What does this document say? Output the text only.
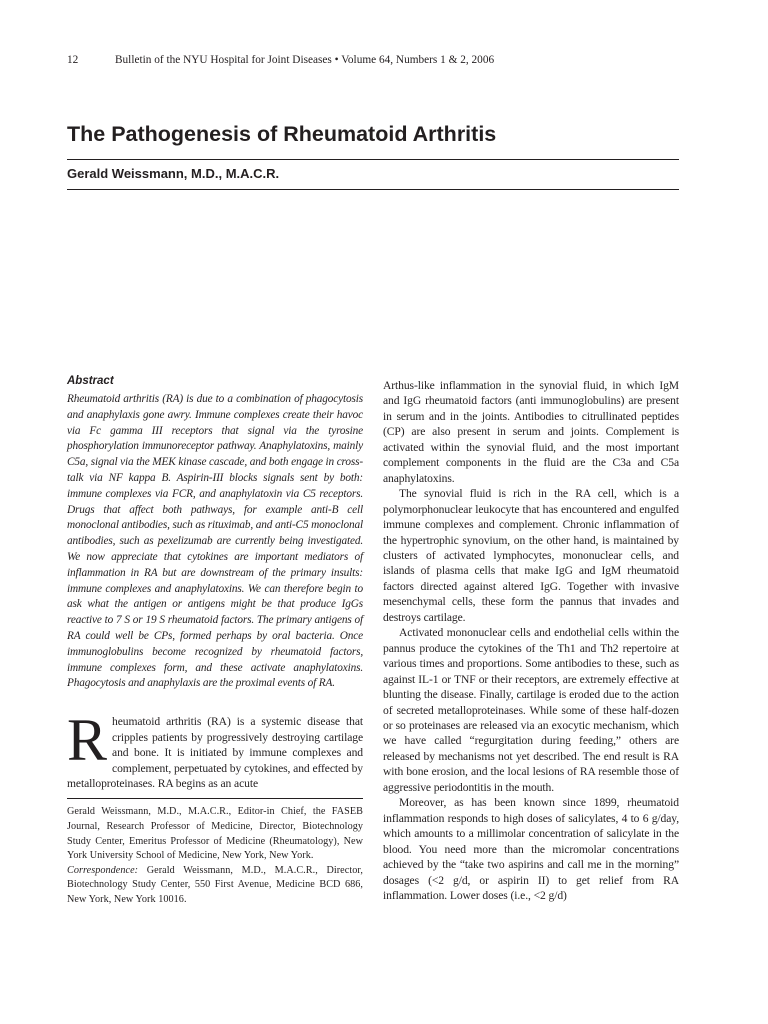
12	Bulletin of the NYU Hospital for Joint Diseases • Volume 64, Numbers 1 & 2, 2006
The Pathogenesis of Rheumatoid Arthritis
Gerald Weissmann, M.D., M.A.C.R.
Abstract

Rheumatoid arthritis (RA) is due to a combination of phagocytosis and anaphylaxis gone awry. Immune complexes create their havoc via Fc gamma III receptors that signal via the tyrosine phosphorylation immunoreceptor pathway. Anaphylatoxins, mainly C5a, signal via the MEK kinase cascade, and both engage in cross-talk via NF kappa B. Aspirin-III blocks signals sent by both: immune complexes via FCR, and anaphylatoxin via C5 receptors. Drugs that affect both pathways, for example anti-B cell monoclonal antibodies, such as rituximab, and anti-C5 monoclonal antibodies, such as pexelizumab are currently being investigated. We now appreciate that cytokines are important mediators of inflammation in RA but are downstream of the primary insults: immune complexes and anaphylatoxins. We can therefore begin to ask what the antigen or antigens might be that produce IgGs reactive to 7 S or 19 S rheumatoid factors. The primary antigens of RA could well be CPs, formed perhaps by oral bacteria. Once immunoglobulins become recognized by rheumatoid factors, immune complexes form, and these activate anaphylatoxins. Phagocytosis and anaphylaxis are the proximal events of RA.

R heumatoid arthritis (RA) is a systemic disease that cripples patients by progressively destroying cartilage and bone. It is initiated by immune complexes and complement, perpetuated by cytokines, and effected by metalloproteinases. RA begins as an acute

Gerald Weissmann, M.D., M.A.C.R., Editor-in Chief, the FASEB Journal, Research Professor of Medicine, Director, Biotechnology Study Center, Emeritus Professor of Medicine (Rheumatology), New York University School of Medicine, New York, New York.

Correspondence: Gerald Weissmann, M.D., M.A.C.R., Director, Biotechnology Study Center, 550 First Avenue, Medicine BCD 686, New York, New York 10016.

Arthus-like inflammation in the synovial fluid, in which IgM and IgG rheumatoid factors (anti immunoglobulins) are present in serum and in the joints. Antibodies to citrullinated peptides (CP) are also present in serum and joints. Complement is activated within the synovial fluid, and the most important complement components in the fluid are the C3a and C5a anaphylatoxins.

The synovial fluid is rich in the RA cell, which is a polymorphonuclear leukocyte that has encountered and engulfed immune complexes and complement. Chronic inflammation of the hypertrophic synovium, on the other hand, is maintained by clusters of activated lymphocytes, mononuclear cells, and islands of plasma cells that make IgG and IgM rheumatoid factors directed against altered IgG. Together with invasive mesenchymal cells, these form the pannus that invades and destroys cartilage.

Activated mononuclear cells and endothelial cells within the pannus produce the cytokines of the Th1 and Th2 repertoire at various times and proportions. Some antibodies to these, such as against IL-1 or TNF or their receptors, are extremely effective at blunting the disease. Finally, cartilage is eroded due to the action of secreted metalloproteinases. While some of these half-dozen or so proteinases are released via an exocytic mechanism, which we have called “regurgitation during feeding,” others are released by mechanisms not yet described. The end result is RA with bone erosion, and the local lesions of RA resemble those of aggressive periodontitis in the mouth.

Moreover, as has been known since 1899, rheumatoid inflammation responds to high doses of salicylates, 4 to 6 g/day, which amounts to a millimolar concentration of salicylate in the blood. You need more than the micromolar concentrations achieved by the “take two aspirins and call me in the morning” dosages (<2 g/d, or aspirin II) to get relief from RA inflammation. Lower doses (i.e., <2 g/d)
